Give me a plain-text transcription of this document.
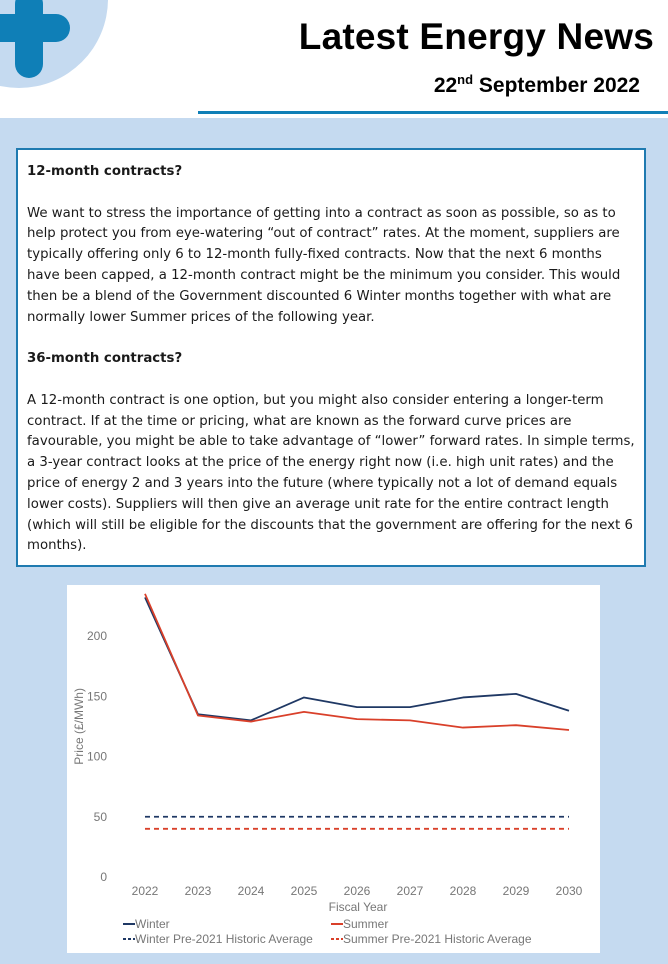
Latest Energy News
22nd September 2022
12-month contracts?

We want to stress the importance of getting into a contract as soon as possible, so as to help protect you from eye-watering “out of contract” rates. At the moment, suppliers are typically offering only 6 to 12-month fully-fixed contracts. Now that the next 6 months have been capped, a 12-month contract might be the minimum you consider. This would then be a blend of the Government discounted 6 Winter months together with what are normally lower Summer prices of the following year.

36-month contracts?

A 12-month contract is one option, but you might also consider entering a longer-term contract. If at the time or pricing, what are known as the forward curve prices are favourable, you might be able to take advantage of “lower” forward rates. In simple terms, a 3-year contract looks at the price of the energy right now (i.e. high unit rates) and the price of energy 2 and 3 years into the future (where typically not a lot of demand equals lower costs). Suppliers will then give an average unit rate for the entire contract length (which will still be eligible for the discounts that the government are offering for the next 6 months).

0
50
100
150
200
2022 2023 2024 2025 2026 2027 2028 2029 2030
Fiscal Year
Price (£/MWh)
Winter	Summer
Winter Pre-2021 Historic Average	Summer Pre-2021 Historic Average
